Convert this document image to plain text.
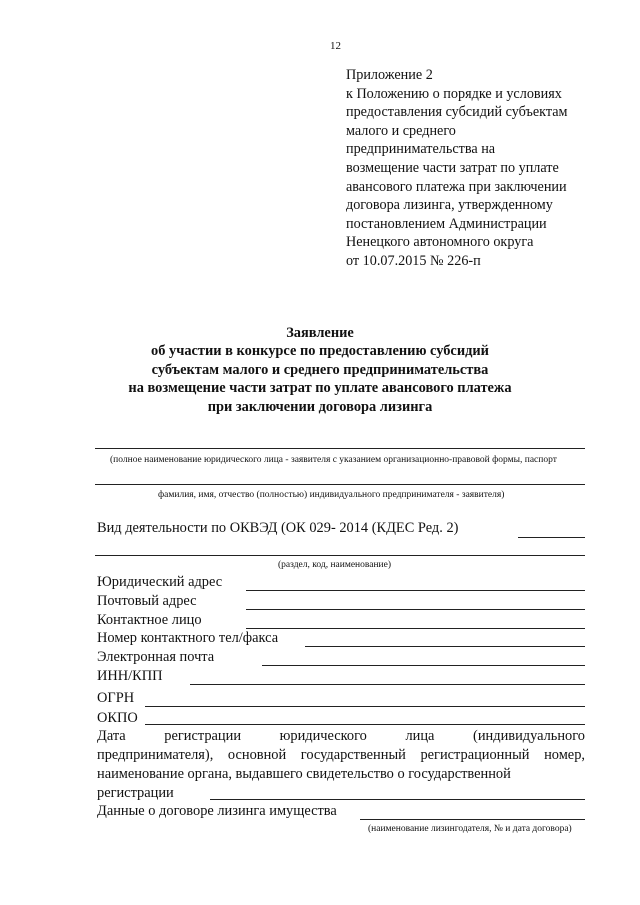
12
Приложение 2
к Положению о порядке и условиях
предоставления субсидий субъектам
малого и среднего
предпринимательства на
возмещение части затрат по уплате
авансового платежа при заключении
договора лизинга, утвержденному
постановлением Администрации
Ненецкого автономного округа
от 10.07.2015 № 226-п
Заявление
об участии в конкурсе по предоставлению субсидий
субъектам малого и среднего предпринимательства
на возмещение части затрат по уплате авансового платежа
при заключении договора лизинга
(полное наименование юридического лица - заявителя с указанием организационно-правовой формы, паспорт
фамилия, имя, отчество (полностью) индивидуального предпринимателя - заявителя)
Вид деятельности по ОКВЭД (ОК 029- 2014 (КДЕС Ред. 2)
(раздел, код, наименование)
Юридический адрес
Почтовый адрес
Контактное лицо
Номер контактного тел/факса
Электронная почта
ИНН/КПП
ОГРН
ОКПО
Дата регистрации юридического лица (индивидуального
предпринимателя), основной государственный регистрационный номер,
наименование органа, выдавшего свидетельство о государственной
регистрации
Данные о договоре лизинга имущества
(наименование лизингодателя, № и дата договора)
